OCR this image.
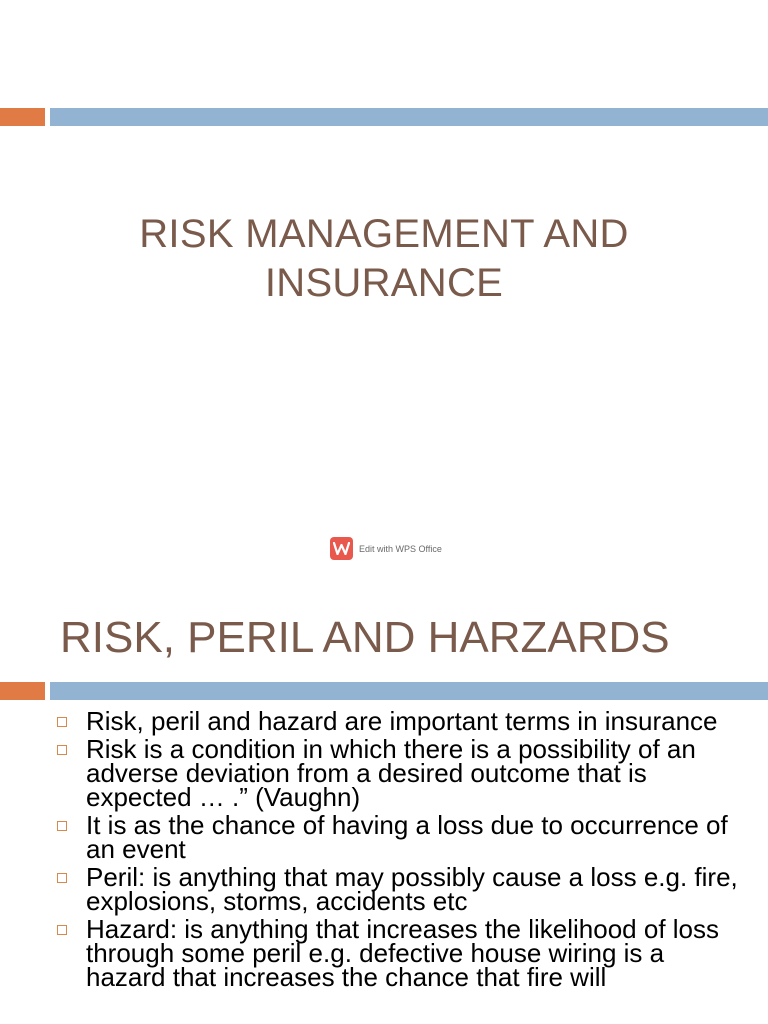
RISK MANAGEMENT AND
INSURANCE
Edit with WPS Office
RISK, PERIL AND HARZARDS
Risk, peril and hazard are important terms in insurance
Risk is a condition in which there is a possibility of an adverse deviation from a desired outcome that is expected … .” (Vaughn)
It is as the chance of having a loss due to occurrence of an event
Peril: is anything that may possibly cause a loss e.g. fire, explosions, storms, accidents etc
Hazard: is anything that increases the likelihood of loss through some peril e.g. defective house wiring is a hazard that increases the chance that fire will
